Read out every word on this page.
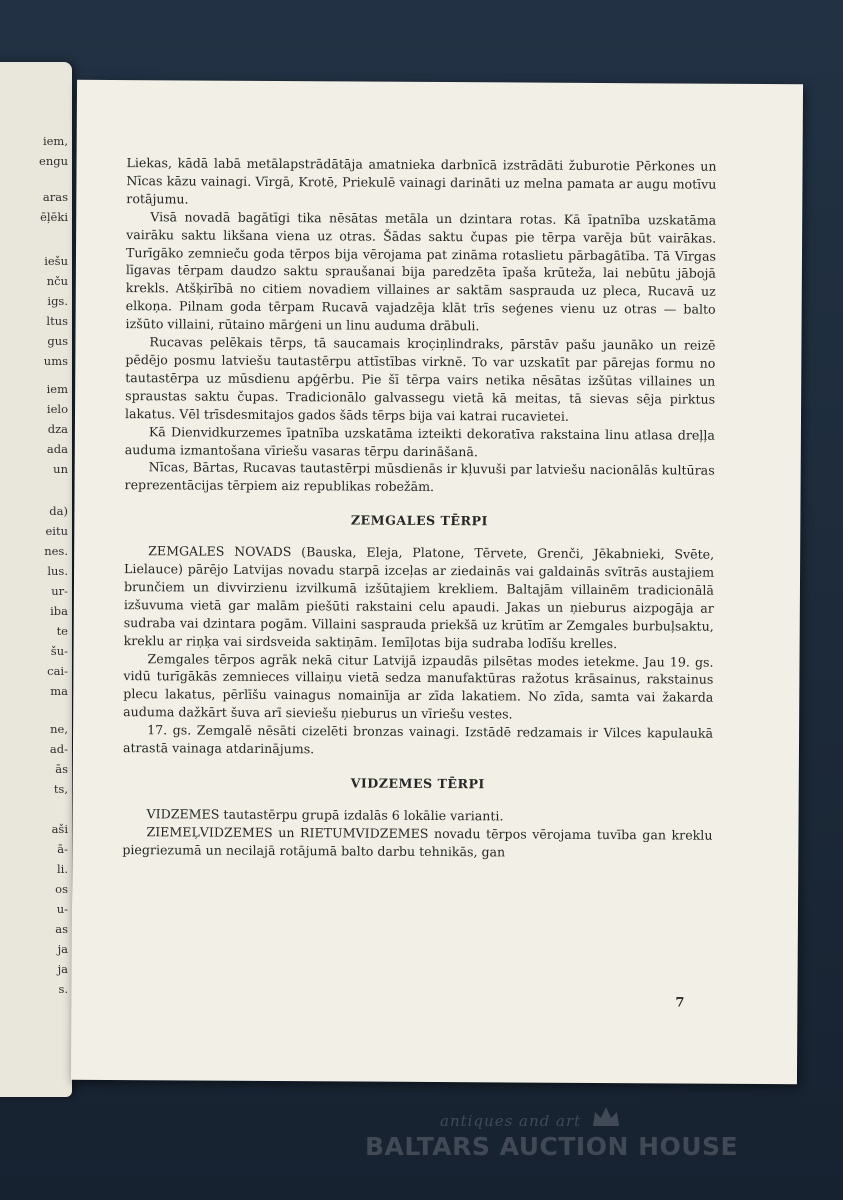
iem,
engu
aras
ēļēki
iešu
nču
igs.
ltus
gus
ums
iem
ielo
dza
ada
un
da)
eitu
nes.
lus.
ur-
iba
te
šu-
cai-
ma
ne,
ad-
ās
ts,
aši
ā-
li.
os
u-
as
ja
ja
s.

Liekas, kādā labā metālapstrādātāja amatnieka darbnīcā izstrādāti žuburotie Pērkones un Nīcas kāzu vainagi. Vīrgā, Krotē, Priekulē vainagi darināti uz melna pamata ar augu motīvu rotājumu.

Visā novadā bagātīgi tika nēsātas metāla un dzintara rotas. Kā īpatnība uzskatāma vairāku saktu likšana viena uz otras. Šādas saktu čupas pie tērpa varēja būt vairākas. Turīgāko zemnieču goda tērpos bija vērojama pat zināma rotaslietu pārbagātība. Tā Vīrgas līgavas tērpam daudzo saktu spraušanai bija paredzēta īpaša krūteža, lai nebūtu jābojā krekls. Atšķirībā no citiem novadiem villaines ar saktām saspraudа uz pleca, Rucavā uz elkoņa. Pilnam goda tērpam Rucavā vajadzēja klāt trīs seģenes vienu uz otras — balto izšūto villaini, rūtaino mārģeni un linu auduma drābuli.

Rucavas pelēkais tērps, tā saucamais kroc̦iņlindraks, pārstāv pašu jaunāko un reizē pēdējo posmu latviešu tautastērpu attīstības virknē. To var uzskatīt par pārejas formu no tautastērpa uz mūsdienu apģērbu. Pie šī tērpa vairs netika nēsātas izšūtas villaines un spraustas saktu čupas. Tradicionālo galvassegu vietā kā meitas, tā sievas sēja pirktus lakatus. Vēl trīsdesmitajos gados šāds tērps bija vai katrai rucavietei.

Kā Dienvidkurzemes īpatnība uzskatāma izteikti dekoratīva rakstaina linu atlasa dreļļa auduma izmantošana vīriešu vasaras tērpu darināšanā.

Nīcas, Bārtas, Rucavas tautastērpi mūsdienās ir kļuvuši par latviešu nacionālās kultūras reprezentācijas tērpiem aiz republikas robežām.

ZEMGALES TĒRPI

ZEMGALES NOVADS (Bauska, Eleja, Platone, Tērvete, Grenči, Jēkabnieki, Svēte, Lielauce) pārējo Latvijas novadu starpā izceļas ar ziedainās vai galdainās svītrās austajiem brunčiem un divvirzienu izvilkumā izšūtajiem krekliem. Baltajām villainēm tradicionālā izšuvuma vietā gar malām piešūti rakstaini celu apaudi. Jakas un ņieburus aizpogāja ar sudraba vai dzintara pogām. Villaini saspraudа priekšā uz krūtīm ar Zemgales burbuļsaktu, kreklu ar riņķa vai sirdsveida saktiņām. Iemīļotas bija sudraba lodīšu krelles.

Zemgales tērpos agrāk nekā citur Latvijā izpaudās pilsētas modes ietekme. Jau 19. gs. vidū turīgākās zemnieces villaiņu vietā sedza manufaktūras ražotus krāsainus, rakstainus plecu lakatus, pērlīšu vainagus nomainīja ar zīda lakatiem. No zīda, samta vai žakarda auduma dažkārt šuva arī sieviešu ņieburus un vīriešu vestes.

17. gs. Zemgalē nēsāti cizelēti bronzas vainagi. Izstādē redzamais ir Vilces kapulaukā atrastā vainaga atdarinājums.

VIDZEMES TĒRPI

VIDZEMES tautastērpu grupā izdalās 6 lokālie varianti.

ZIEMEĻVIDZEMES un RIETUMVIDZEMES novadu tērpos vērojama tuvība gan kreklu piegriezumā un necilajā rotājumā balto darbu tehnikās, gan

7
antiques and art
BALTARS AUCTION HOUSE
